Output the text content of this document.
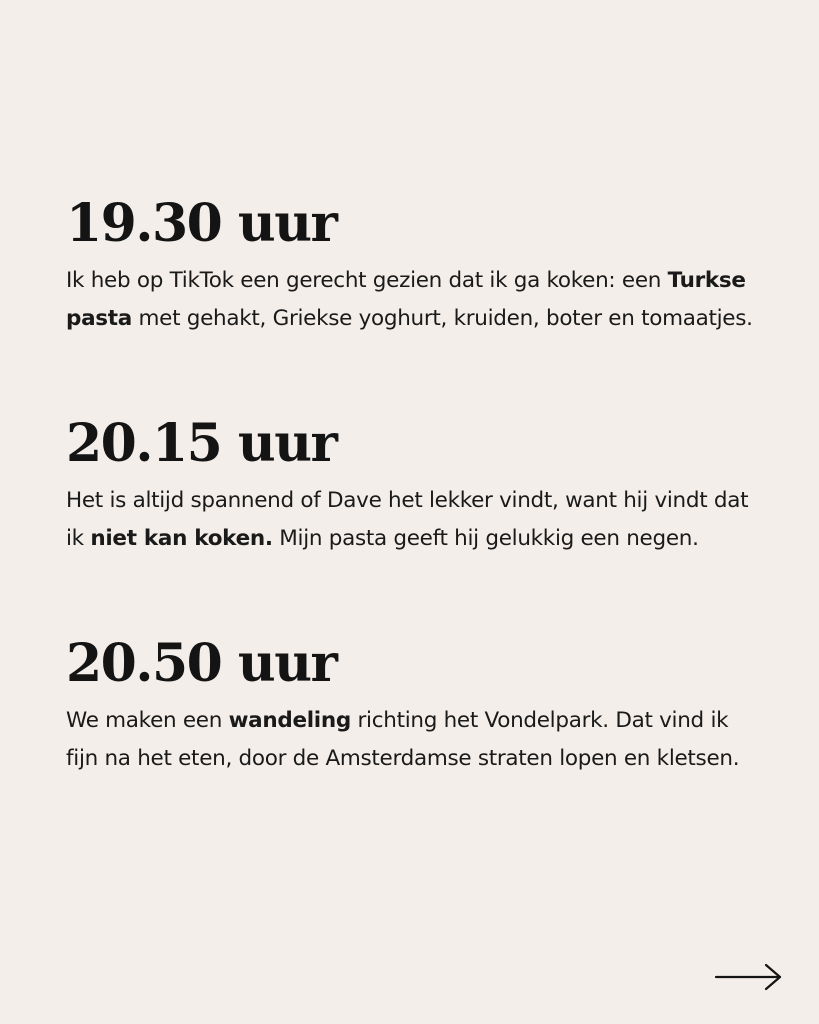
19.30 uur

Ik heb op TikTok een gerecht gezien dat ik ga koken: een Turkse pasta met gehakt, Griekse yoghurt, kruiden, boter en tomaatjes.

20.15 uur

Het is altijd spannend of Dave het lekker vindt, want hij vindt dat ik niet kan koken. Mijn pasta geeft hij gelukkig een negen.

20.50 uur

We maken een wandeling richting het Vondelpark. Dat vind ik fijn na het eten, door de Amsterdamse straten lopen en kletsen.
